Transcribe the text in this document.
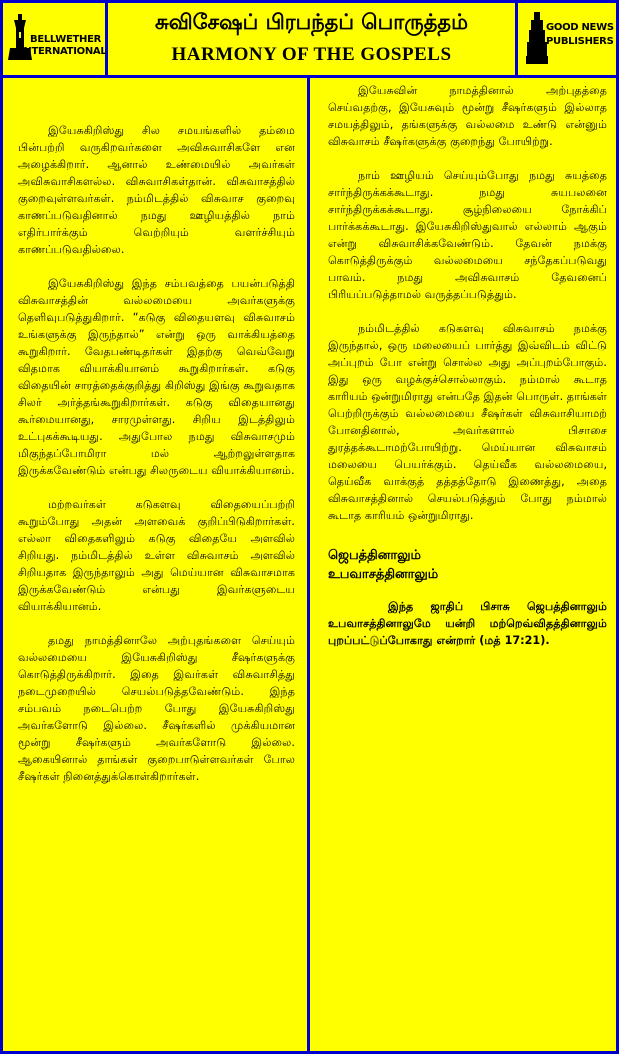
BELLWETHER
INTERNATIONAL
சுவிசேஷப் பிரபந்தப் பொருத்தம்
HARMONY OF THE GOSPELS
GOOD NEWS
PUBLISHERS

இயேசுகிறிஸ்து சில சமயங்களில் தம்மை பின்பற்றி வருகிறவர்களை அவிசுவாசிகளே என அழைக்கிறார். ஆனால் உண்மையில் அவர்கள் அவிசுவாசிகளல்ல. விசுவாசிகள்தான். விசுவாசத்தில் குறைவுள்ளவர்கள். நம்மிடத்தில் விசுவாச குறைவு காணப்படுவதினால் நமது ஊழியத்தில் நாம் எதிர்பார்க்கும் வெற்றியும் வளர்ச்சியும் காணப்படுவதில்லை.

இயேசுகிறிஸ்து இந்த சம்பவத்தை பயன்படுத்தி விசுவாசத்தின் வல்லமையை அவர்களுக்கு தெளிவுபடுத்துகிறார். “கடுகு விதையளவு விசுவாசம் உங்களுக்கு இருந்தால்” என்று ஒரு வாக்கியத்தை கூறுகிறார். வேதபண்டிதர்கள் இதற்கு வெவ்வேறு விதமாக வியாக்கியானம் கூறுகிறார்கள். கடுகு விதையின் சாரத்தைக்குறித்து கிறிஸ்து இங்கு கூறுவதாக சிலர் அர்த்தங்கூறுகிறார்கள். கடுகு விதையானது கூர்மையானது, சாரமுள்ளது. சிறிய இடத்திலும் உட்புகக்கூடியது. அதுபோல நமது விசுவாசமும் மிகுந்தப்போமிரா மல் ஆற்றலுள்ளதாக இருக்கவேண்டும் என்பது சிலருடைய வியாக்கியானம்.

மற்றவர்கள் கடுகளவு விதையைப்பற்றி கூறும்போது அதன் அளவைக் குறிப்பிடுகிறார்கள். எல்லா விதைகளிலும் கடுகு விதையே அளவில் சிறியது. நம்மிடத்தில் உள்ள விசுவாசம் அளவில் சிறியதாக இருந்தாலும் அது மெய்யான விசுவாசமாக இருக்கவேண்டும் என்பது இவர்களுடைய வியாக்கியானம்.

தமது நாமத்தினாலே அற்புதங்களை செய்யும் வல்லமையை இயேசுகிறிஸ்து சீஷர்களுக்கு கொடுத்திருக்கிறார். இதை இவர்கள் விசுவாசித்து நடைமுறையில் செயல்படுத்தவேண்டும். இந்த சம்பவம் நடைபெற்ற போது இயேசுகிறிஸ்து அவர்களோடு இல்லை. சீஷர்களில் முக்கியமான மூன்று சீஷர்களும் அவர்களோடு இல்லை. ஆகையினால் தாங்கள் குறைபாடுள்ளவர்கள் போல சீஷர்கள் நினைத்துக்கொள்கிறார்கள்.

இயேசுவின் நாமத்தினால் அற்புதத்தை செய்வதற்கு, இயேசுவும் மூன்று சீஷர்களும் இல்லாத சமயத்திலும், தங்களுக்கு வல்லமை உண்டு என்னும் விசுவாசம் சீஷர்களுக்கு குறைந்து போயிற்று.

நாம் ஊழியம் செய்யும்போது நமது சுயத்தை சார்ந்திருக்கக்கூடாது. நமது சுயபலனை சார்ந்திருக்கக்கூடாது. சூழ்நிலையை நோக்கிப் பார்க்கக்கூடாது. இயேசுகிறிஸ்துவால் எல்லாம் ஆகும் என்று விசுவாசிக்கவேண்டும். தேவன் நமக்கு கொடுத்திருக்கும் வல்லமையை சந்தேகப்படுவது பாவம். நமது அவிசுவாசம் தேவனைப் பிரியப்படுத்தாமல் வருத்தப்படுத்தும்.

நம்மிடத்தில் கடுகளவு விசுவாசம் நமக்கு இருந்தால், ஒரு மலையைப் பார்த்து இவ்விடம் விட்டு அப்புறம் போ என்று சொல்ல அது அப்புறம்போகும். இது ஒரு வழக்குச்சொல்லாகும். நம்மால் கூடாத காரியம் ஒன்றுமிராது என்பதே இதன் பொருள். தாங்கள் பெற்றிருக்கும் வல்லமையை சீஷர்கள் விசுவாசியாமற் போனதினால், அவர்களால் பிசாசை துரத்தக்கூடாமற்போயிற்று. மெய்யான விசுவாசம் மலையை பெயர்க்கும். தெய்வீக வல்லமையை, தெய்வீக வாக்குத் தத்தத்தோடு இணைத்து, அதை விசுவாசத்தினால் செயல்படுத்தும் போது நம்மால் கூடாத காரியம் ஒன்றுமிராது.

ஜெபத்தினாலும்
உபவாசத்தினாலும்

இந்த ஜாதிப் பிசாசு ஜெபத்தினாலும் உபவாசத்தினாலுமே யன்றி மற்றெவ்விதத்தினாலும் புறப்பட்டுப்போகாது என்றார் (மத் 17:21).
